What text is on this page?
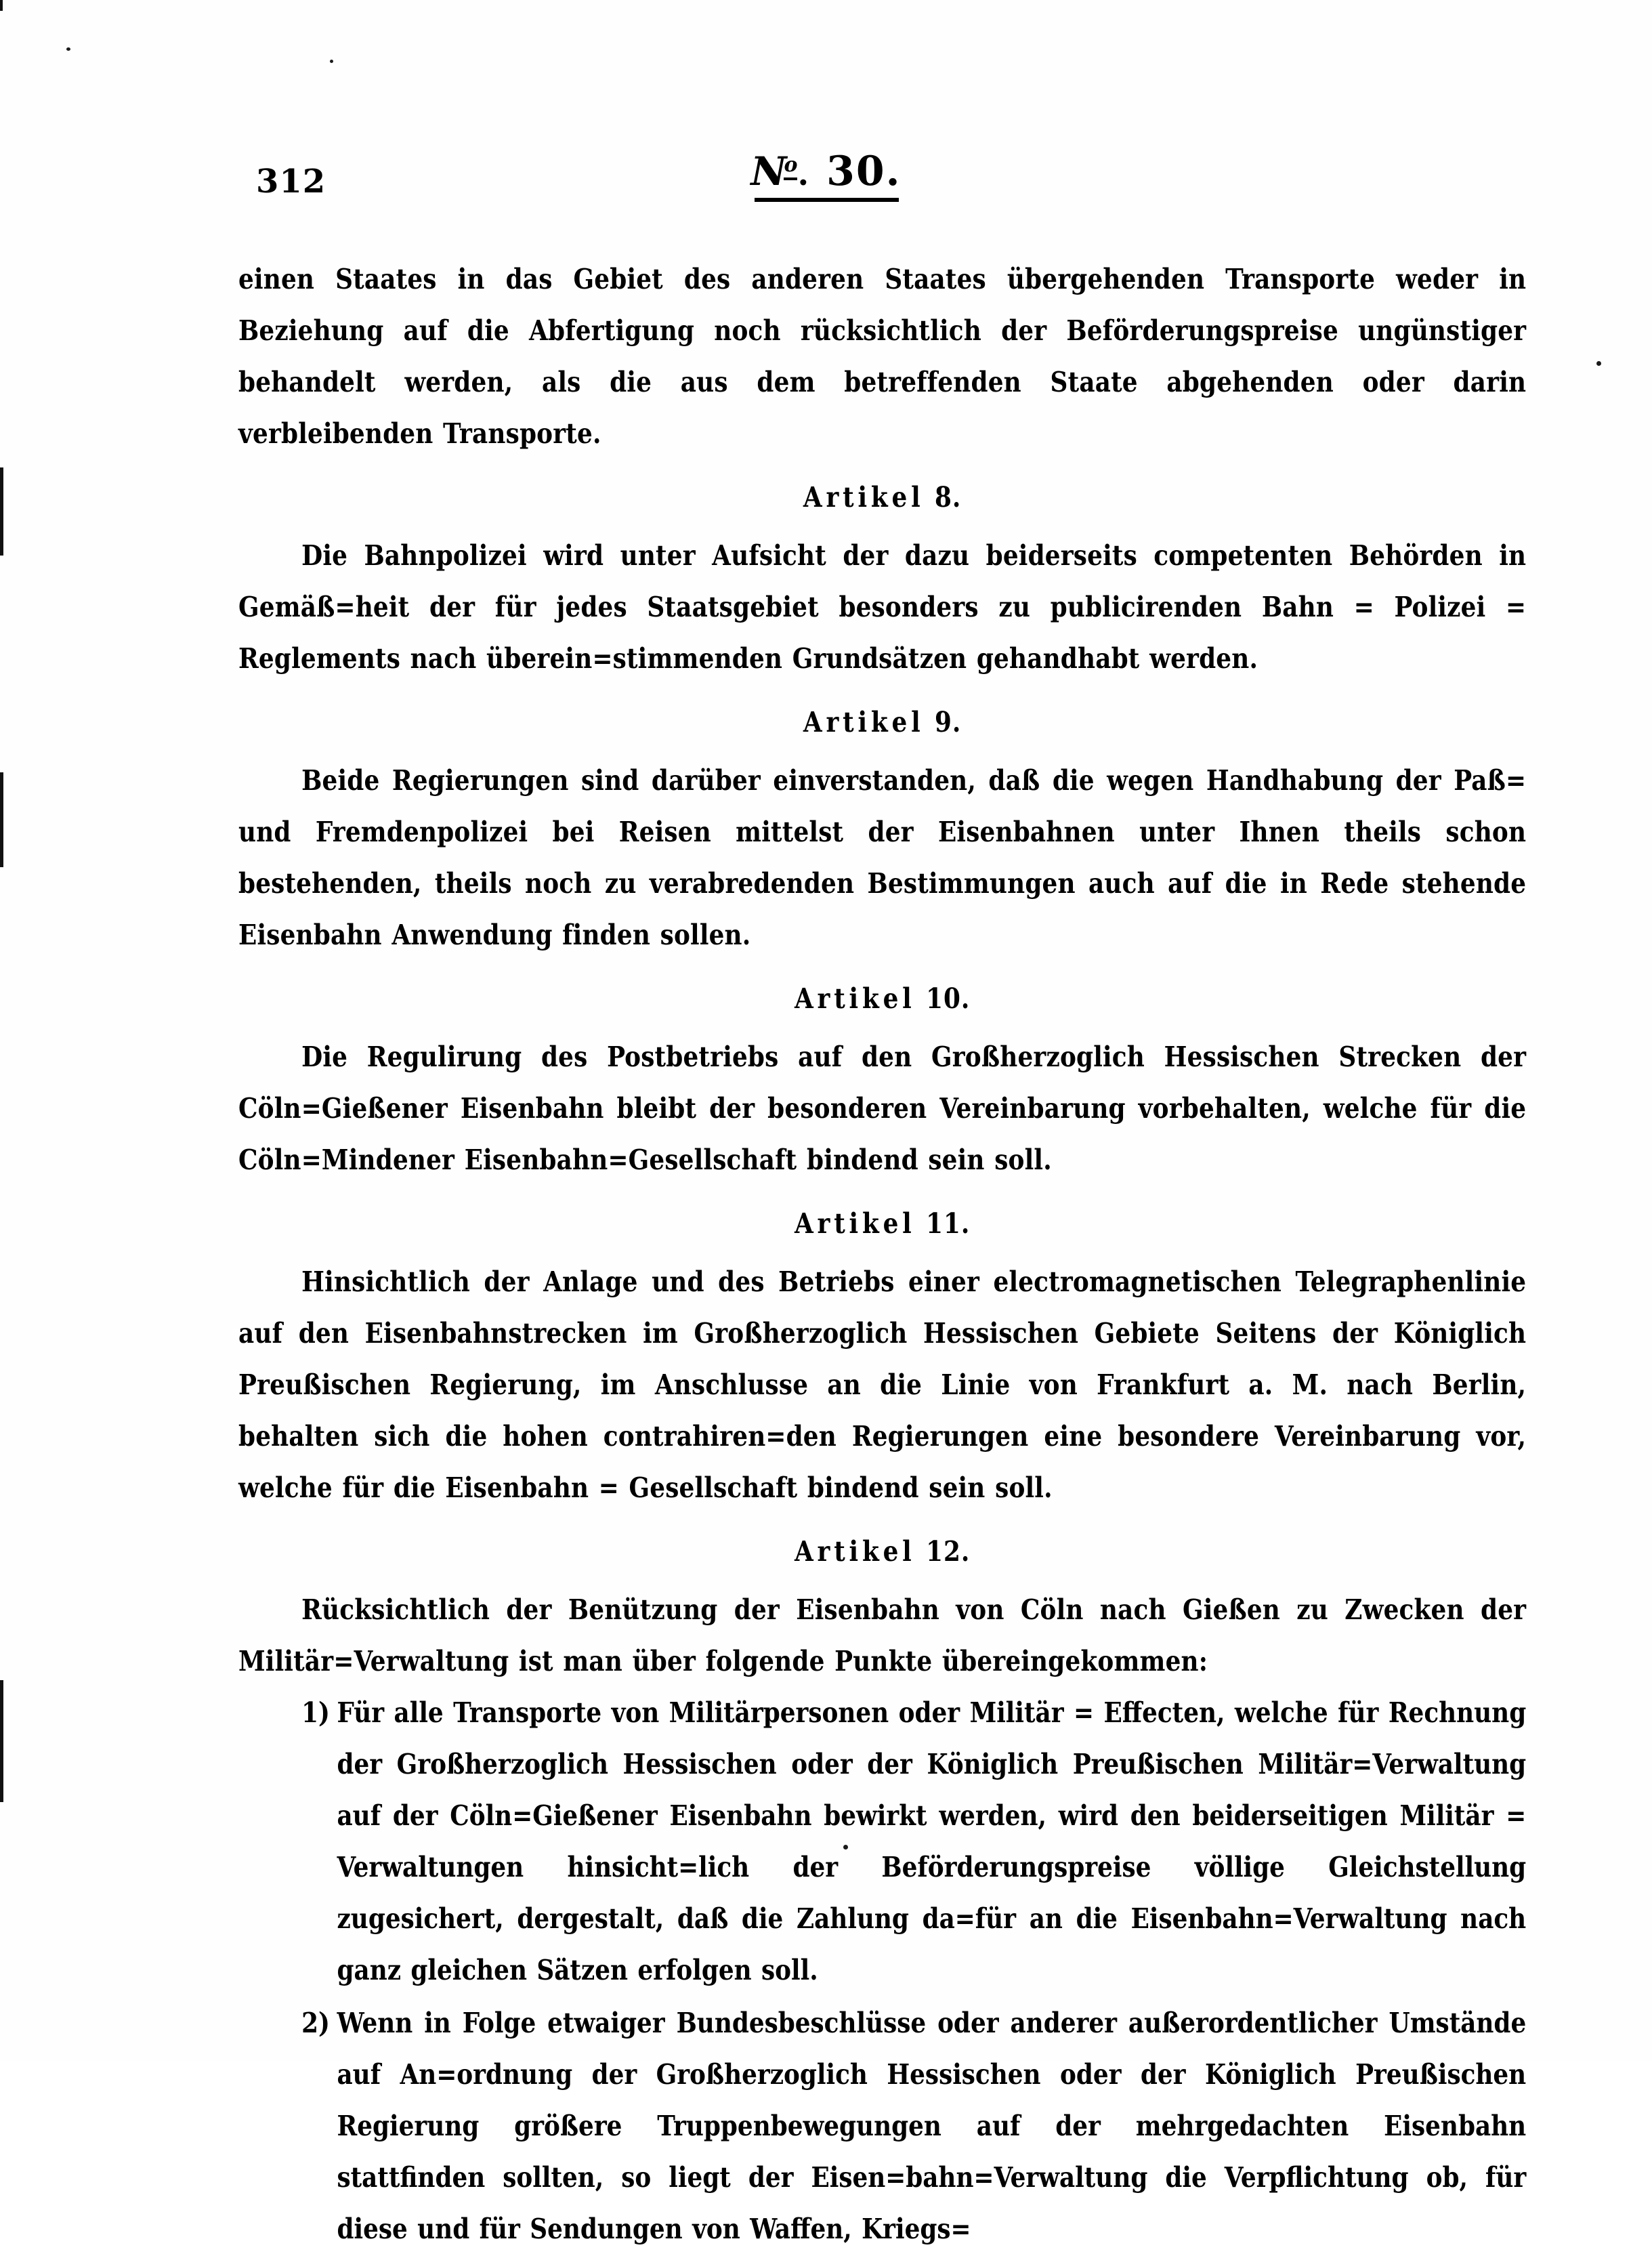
312	No. 30.

einen Staates in das Gebiet des anderen Staates übergehenden Transporte weder in Beziehung auf die Abfertigung noch rücksichtlich der Beförderungspreise ungünstiger behandelt werden, als die aus dem betreffenden Staate abgehenden oder darin verbleibenden Transporte.

Artikel 8.

Die Bahnpolizei wird unter Aufsicht der dazu beiderseits competenten Behörden in Gemäß=heit der für jedes Staatsgebiet besonders zu publicirenden Bahn = Polizei = Reglements nach überein=stimmenden Grundsätzen gehandhabt werden.

Artikel 9.

Beide Regierungen sind darüber einverstanden, daß die wegen Handhabung der Paß= und Fremdenpolizei bei Reisen mittelst der Eisenbahnen unter Ihnen theils schon bestehenden, theils noch zu verabredenden Bestimmungen auch auf die in Rede stehende Eisenbahn Anwendung finden sollen.

Artikel 10.

Die Regulirung des Postbetriebs auf den Großherzoglich Hessischen Strecken der Cöln=Gießener Eisenbahn bleibt der besonderen Vereinbarung vorbehalten, welche für die Cöln=Mindener Eisenbahn=Gesellschaft bindend sein soll.

Artikel 11.

Hinsichtlich der Anlage und des Betriebs einer electromagnetischen Telegraphenlinie auf den Eisenbahnstrecken im Großherzoglich Hessischen Gebiete Seitens der Königlich Preußischen Regierung, im Anschlusse an die Linie von Frankfurt a. M. nach Berlin, behalten sich die hohen contrahiren=den Regierungen eine besondere Vereinbarung vor, welche für die Eisenbahn = Gesellschaft bindend sein soll.

Artikel 12.

Rücksichtlich der Benützung der Eisenbahn von Cöln nach Gießen zu Zwecken der Militär=Verwaltung ist man über folgende Punkte übereingekommen:

1) Für alle Transporte von Militärpersonen oder Militär = Effecten, welche für Rechnung der Großherzoglich Hessischen oder der Königlich Preußischen Militär=Verwaltung auf der Cöln=Gießener Eisenbahn bewirkt werden, wird den beiderseitigen Militär = Verwaltungen hinsicht=lich der Beförderungspreise völlige Gleichstellung zugesichert, dergestalt, daß die Zahlung da=für an die Eisenbahn=Verwaltung nach ganz gleichen Sätzen erfolgen soll.
2) Wenn in Folge etwaiger Bundesbeschlüsse oder anderer außerordentlicher Umstände auf An=ordnung der Großherzoglich Hessischen oder der Königlich Preußischen Regierung größere Truppenbewegungen auf der mehrgedachten Eisenbahn stattfinden sollten, so liegt der Eisen=bahn=Verwaltung die Verpflichtung ob, für diese und für Sendungen von Waffen, Kriegs=
